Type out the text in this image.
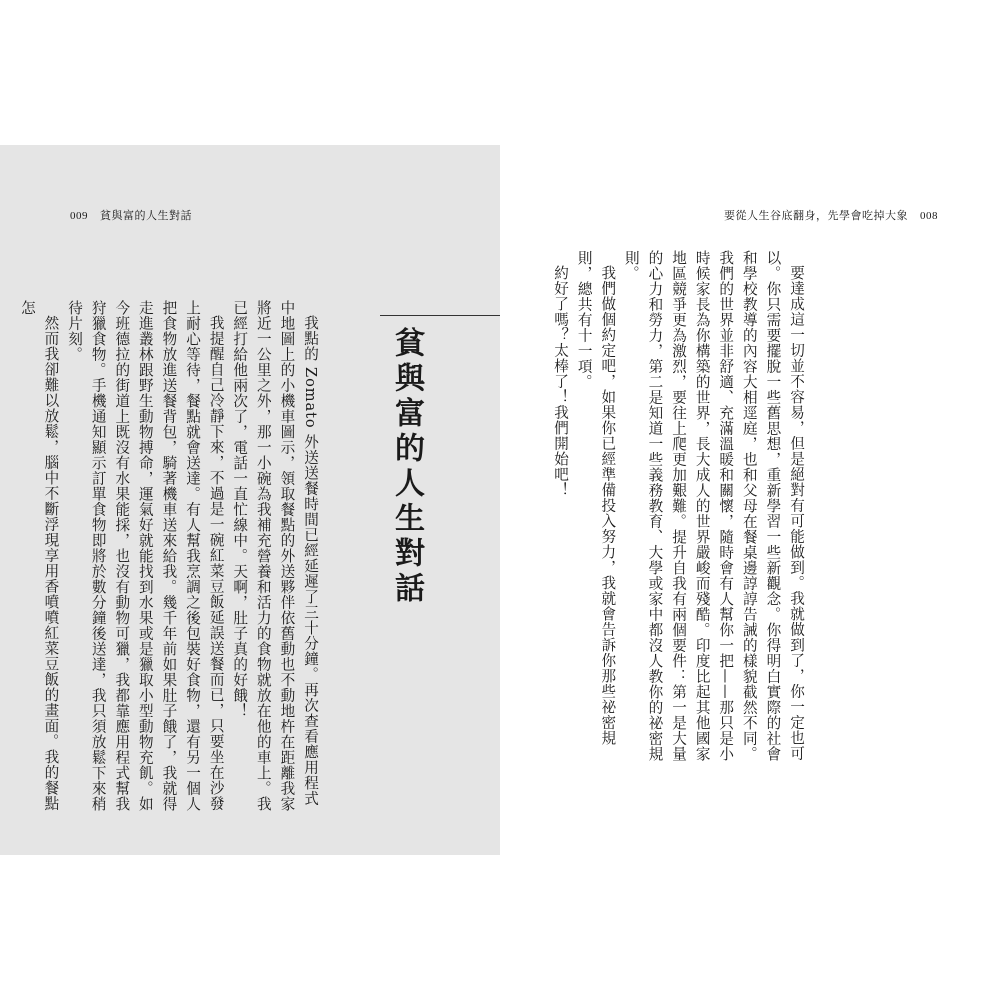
009 貧與富的人生對話
貧與富的人生對話

我點的 Zomato 外送送餐時間已經延遲了三十分鐘。再次查看應用程式中地圖上的小機車圖示，領取餐點的外送夥伴依舊動也不動地杵在距離我家將近一公里之外，那一小碗為我補充營養和活力的食物就放在他的車上。我已經打給他兩次了，電話一直忙線中。天啊，肚子真的好餓！

我提醒自己冷靜下來，不過是一碗紅菜豆飯延誤送餐而已，只要坐在沙發上耐心等待，餐點就會送達。有人幫我烹調之後包裝好食物，還有另一個人把食物放進送餐背包，騎著機車送來給我。幾千年前如果肚子餓了，我就得走進叢林跟野生動物搏命，運氣好就能找到水果或是獵取小型動物充飢。如今班德拉的街道上既沒有水果能採，也沒有動物可獵，我都靠應用程式幫我狩獵食物。手機通知顯示訂單食物即將於數分鐘後送達，我只須放鬆下來稍待片刻。

然而我卻難以放鬆，腦中不斷浮現享用香噴噴紅菜豆飯的畫面。我的餐點怎

要從人生谷底翻身，先學會吃掉大象 008

要達成這一切並不容易，但是絕對有可能做到。我就做到了，你一定也可以。你只需要擺脫一些舊思想，重新學習一些新觀念。你得明白實際的社會和學校教導的內容大相逕庭，也和父母在餐桌邊諄諄告誡的樣貌截然不同。我們的世界並非舒適、充滿溫暖和關懷，隨時會有人幫你一把——那只是小時候家長為你構築的世界，長大成人的世界嚴峻而殘酷。印度比起其他國家地區競爭更為激烈，要往上爬更加艱難。提升自我有兩個要件：第一是大量的心力和勞力，第二是知道一些義務教育、大學或家中都沒人教你的祕密規則。

我們做個約定吧，如果你已經準備投入努力，我就會告訴你那些祕密規則，總共有十一項。

約好了嗎？太棒了！我們開始吧！
